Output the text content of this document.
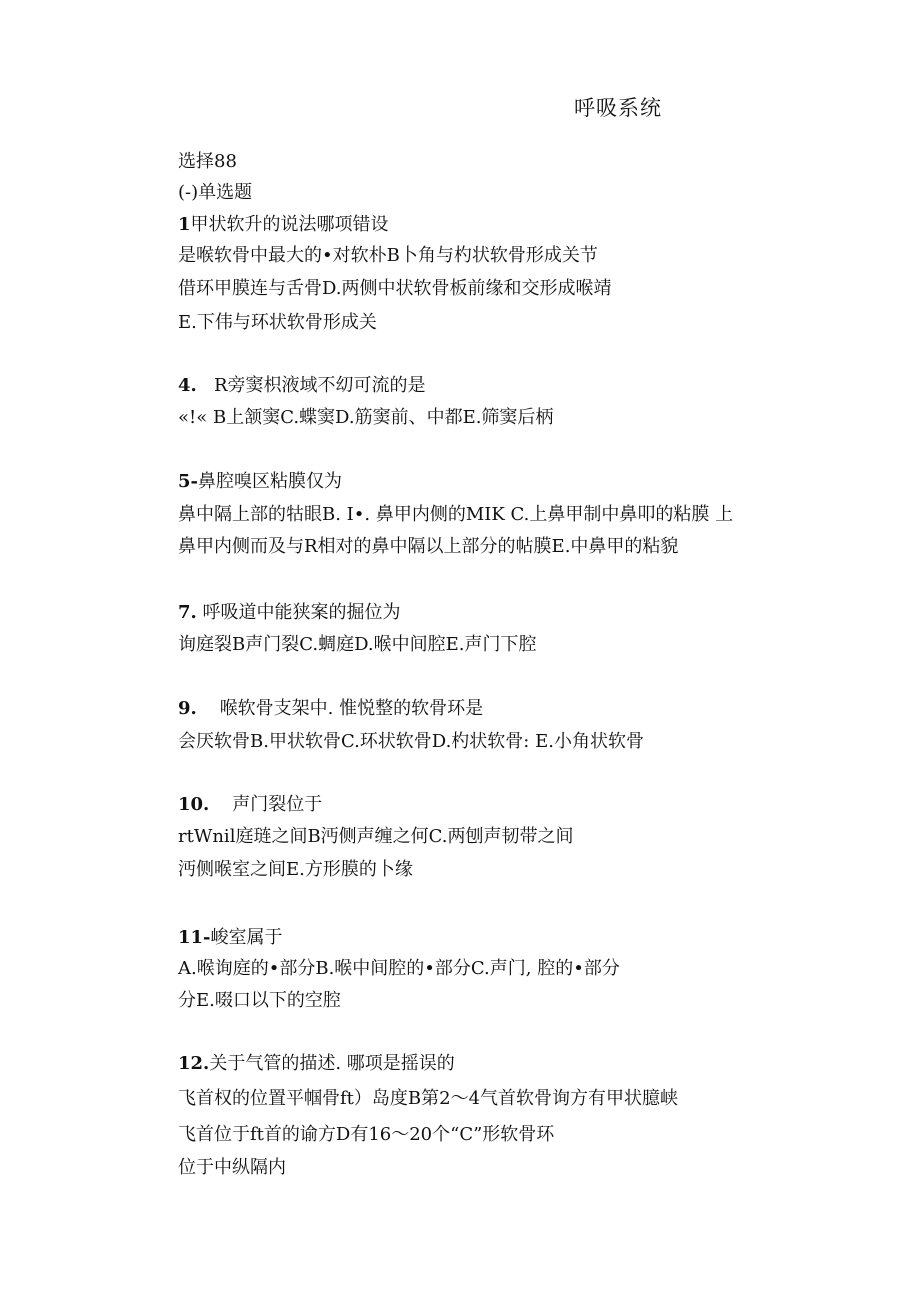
呼吸系统
选择88
(-)单选题
1甲状软升的说法哪项错设
是喉软骨中最大的•对软朴B卜角与杓状软骨形成关节
借环甲膜连与舌骨D.两侧中状软骨板前缘和交形成喉靖
E.下伟与环状软骨形成关
4. R旁窦枳液域不㓜可流的是
«!« B上颔窦C.蝶窦D.筋窦前、中都E.筛窦后柄
5-鼻腔嗅区粘膜仅为
鼻中隔上部的牯眼B. I•. 鼻甲内侧的MIK C.上鼻甲制中鼻叩的粘膜 上
鼻甲内侧而及与R相对的鼻中隔以上部分的帖膜E.中鼻甲的粘貌
7. 呼吸道中能狭案的掘位为
询庭裂B声门裂C.蜩庭D.喉中间腔E.声门下腔
9. 喉软骨支架中. 惟悦整的软骨环是
会厌软骨B.甲状软骨C.环状软骨D.杓状软骨: E.小角状软骨
10. 声门裂位于
rtWnil庭琏之间B沔侧声缠之何C.两刨声韧带之间
沔侧喉室之间E.方形膜的卜缘
11-峻室属于
A.喉询庭的•部分B.喉中间腔的•部分C.声门, 腔的•部分
分E.啜口以下的空腔
12.关于气管的描述. 哪项是摇误的
飞首权的位置平帼骨ft）岛度B第2〜4气首软骨询方有甲状臆峡
飞首位于ft首的谕方D有16〜20个“C”形软骨环
位于中纵隔内
